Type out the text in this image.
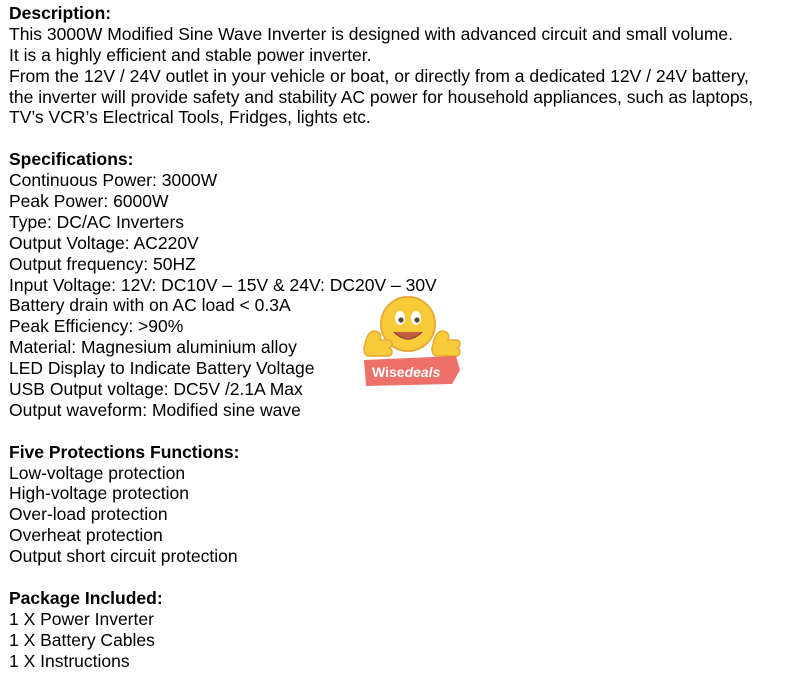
Description:
This 3000W Modified Sine Wave Inverter is designed with advanced circuit and small volume.
It is a highly efficient and stable power inverter.
From the 12V / 24V outlet in your vehicle or boat, or directly from a dedicated 12V / 24V battery,
the inverter will provide safety and stability AC power for household appliances, such as laptops,
TV’s VCR’s Electrical Tools, Fridges, lights etc.
Specifications:
Continuous Power: 3000W
Peak Power: 6000W
Type: DC/AC Inverters
Output Voltage: AC220V
Output frequency: 50HZ
Input Voltage: 12V: DC10V – 15V & 24V: DC20V – 30V
Battery drain with on AC load < 0.3A
Peak Efficiency: >90%
Material: Magnesium aluminium alloy
LED Display to Indicate Battery Voltage
USB Output voltage: DC5V /2.1A Max
Output waveform: Modified sine wave
Five Protections Functions:
Low-voltage protection
High-voltage protection
Over-load protection
Overheat protection
Output short circuit protection
Package Included:
1 X Power Inverter
1 X Battery Cables
1 X Instructions
Wisedeals
